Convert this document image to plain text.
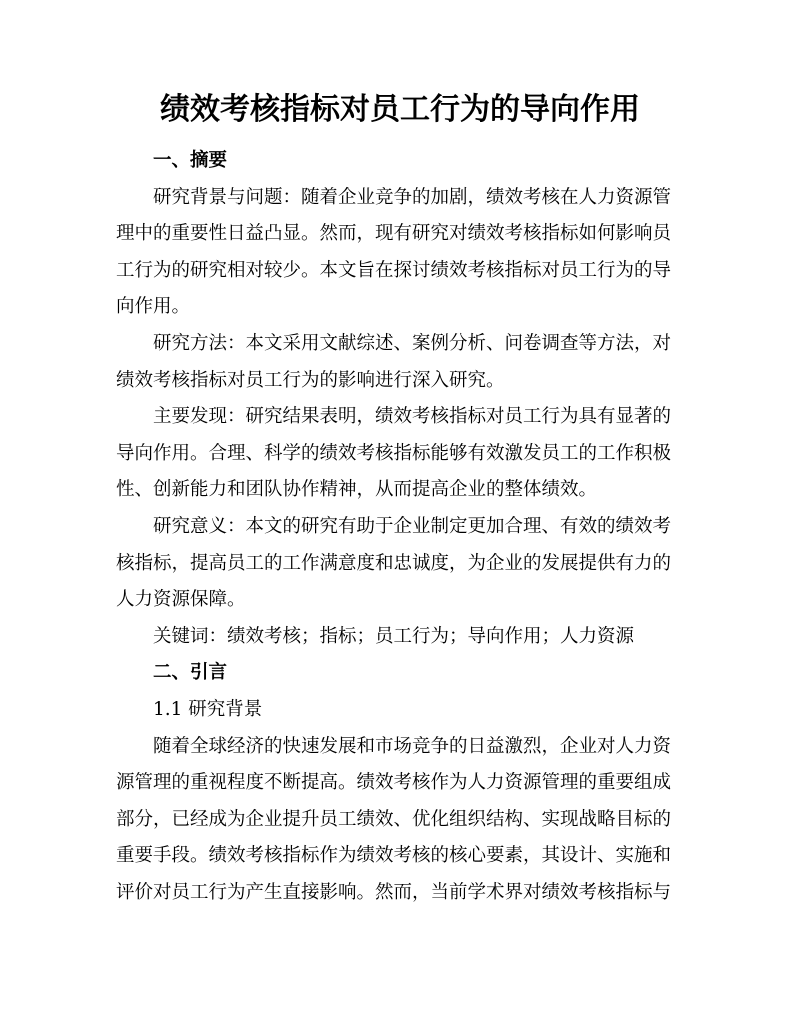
绩效考核指标对员工行为的导向作用
一、摘要

研究背景与问题：随着企业竞争的加剧，绩效考核在人力资源管理中的重要性日益凸显。然而，现有研究对绩效考核指标如何影响员工行为的研究相对较少。本文旨在探讨绩效考核指标对员工行为的导向作用。

研究方法：本文采用文献综述、案例分析、问卷调查等方法，对绩效考核指标对员工行为的影响进行深入研究。

主要发现：研究结果表明，绩效考核指标对员工行为具有显著的导向作用。合理、科学的绩效考核指标能够有效激发员工的工作积极性、创新能力和团队协作精神，从而提高企业的整体绩效。

研究意义：本文的研究有助于企业制定更加合理、有效的绩效考核指标，提高员工的工作满意度和忠诚度，为企业的发展提供有力的人力资源保障。

关键词：绩效考核；指标；员工行为；导向作用；人力资源
二、引言
1.1 研究背景

随着全球经济的快速发展和市场竞争的日益激烈，企业对人力资源管理的重视程度不断提高。绩效考核作为人力资源管理的重要组成部分，已经成为企业提升员工绩效、优化组织结构、实现战略目标的重要手段。绩效考核指标作为绩效考核的核心要素，其设计、实施和评价对员工行为产生直接影响。然而，当前学术界对绩效考核指标与
